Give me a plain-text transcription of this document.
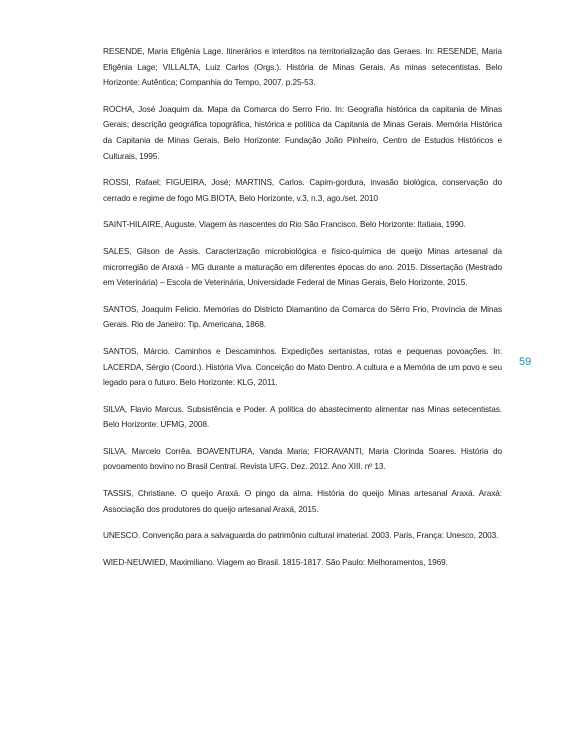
RESENDE, Maria Efigênia Lage. Itinerários e interditos na territorialização das Geraes. In: RESENDE, Maria Efigênia Lage; VILLALTA, Luiz Carlos (Orgs.). História de Minas Gerais. As minas setecentistas. Belo Horizonte: Autêntica; Companhia do Tempo, 2007. p.25-53.

ROCHA, José Joaquim da. Mapa da Comarca do Serro Frio. In: Geografia histórica da capitania de Minas Gerais; descrição geográfica topográfica, histórica e política da Capitania de Minas Gerais. Memória Histórica da Capitania de Minas Gerais. Belo Horizonte: Fundação João Pinheiro, Centro de Estudos Históricos e Culturais, 1995.

ROSSI, Rafael; FIGUEIRA, José; MARTINS, Carlos. Capim-gordura, invasão biológica, conservação do cerrado e regime de fogo MG.BIOTA, Belo Horizonte, v.3, n.3, ago./set. 2010

SAINT-HILAIRE, Auguste. Viagem às nascentes do Rio São Francisco. Belo Horizonte: Itatiaia, 1990.

SALES, Gilson de Assis. Caracterização microbiológica e físico-química de queijo Minas artesanal da microrregião de Araxá - MG durante a maturação em diferentes épocas do ano. 2015. Dissertação (Mestrado em Veterinária) – Escola de Veterinária, Universidade Federal de Minas Gerais, Belo Horizonte, 2015.

SANTOS, Joaquim Felicio. Memórias do Districto Diamantino da Comarca do Sêrro Frio, Província de Minas Gerais. Rio de Janeiro: Tip. Americana, 1868.

SANTOS, Márcio. Caminhos e Descaminhos. Expedições sertanistas, rotas e pequenas povoações. In: LACERDA, Sérgio (Coord.). História Viva. Conceição do Mato Dentro. A cultura e a Memória de um povo e seu legado para o futuro. Belo Horizonte: KLG, 2011.

SILVA, Flavio Marcus. Subsistência e Poder. A política do abastecimento alimentar nas Minas setecentistas. Belo Horizonte: UFMG, 2008.

SILVA, Marcelo Corrêa. BOAVENTURA, Vanda Maria; FIORAVANTI, Maria Clorinda Soares. História do povoamento bovino no Brasil Central. Revista UFG. Dez. 2012. Ano XIII. nº 13.

TASSIS, Christiane. O queijo Araxá. O pingo da alma. História do queijo Minas artesanal Araxá. Araxá: Associação dos produtores do queijo artesanal Araxá, 2015.

UNESCO. Convenção para a salvaguarda do patrimônio cultural imaterial. 2003. Paris, França: Unesco, 2003.

WIED-NEUWIED, Maximiliano. Viagem ao Brasil. 1815-1817. São Paulo: Melhoramentos, 1969.

59
